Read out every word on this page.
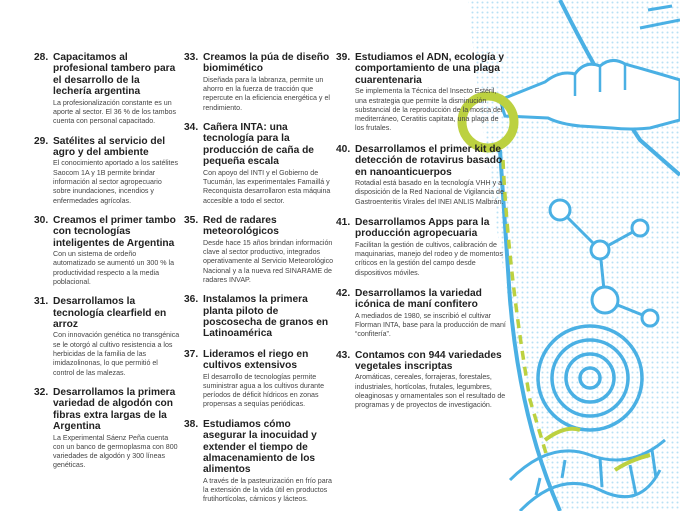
28. Capacitamos al profesional tambero para el desarrollo de la lechería argentina
La profesionalización constante es un aporte al sector. El 36 % de los tambos cuenta con personal capacitado.
29. Satélites al servicio del agro y del ambiente
El conocimiento aportado a los satélites Saocom 1A y 1B permite brindar información al sector agropecuario sobre inundaciones, incendios y enfermedades agrícolas.
30. Creamos el primer tambo con tecnologías inteligentes de Argentina
Con un sistema de ordeño automatizado se aumentó un 300 % la productividad respecto a la media poblacional.
31. Desarrollamos la tecnología clearfield en arroz
Con innovación genética no transgénica se le otorgó al cultivo resistencia a los herbicidas de la familia de las imidazolinonas, lo que permitió el control de las malezas.
32. Desarrollamos la primera variedad de algodón con fibras extra largas de la Argentina
La Experimental Sáenz Peña cuenta con un banco de germoplasma con 800 variedades de algodón y 300 líneas genéticas.
33. Creamos la púa de diseño biomimético
Diseñada para la labranza, permite un ahorro en la fuerza de tracción que repercute en la eficiencia energética y el rendimiento.
34. Cañera INTA: una tecnología para la producción de caña de pequeña escala
Con apoyo del INTI y el Gobierno de Tucumán, las experimentales Famaillá y Reconquista desarrollaron esta máquina accesible a todo el sector.
35. Red de radares meteorológicos
Desde hace 15 años brindan información clave al sector productivo, integrados operativamente al Servicio Meteorológico Nacional y a la nueva red SINARAME de radares INVAP.
36. Instalamos la primera planta piloto de poscosecha de granos en Latinoamérica
37. Lideramos el riego en cultivos extensivos
El desarrollo de tecnologías permite suministrar agua a los cultivos durante períodos de déficit hídricos en zonas propensas a sequías periódicas.
38. Estudiamos cómo asegurar la inocuidad y extender el tiempo de almacenamiento de los alimentos
A través de la pasteurización en frío para la extensión de la vida útil en productos frutihortícolas, cárnicos y lácteos.
39. Estudiamos el ADN, ecología y comportamiento de una plaga cuarentenaria
Se implementa la Técnica del Insecto Estéril, una estrategia que permite la disminución substancial de la reproducción de la mosca del mediterráneo, Ceratitis capitata, una plaga de los frutales.
40. Desarrollamos el primer kit de detección de rotavirus basado en nanoanticuerpos
Rotadial está basado en la tecnología VHH y a disposición de la Red Nacional de Vigilancia de Gastroenteritis Virales del INEI ANLIS Malbrán.
41. Desarrollamos Apps para la producción agropecuaria
Facilitan la gestión de cultivos, calibración de maquinarias, manejo del rodeo y de momentos críticos en la gestión del campo desde dispositivos móviles.
42. Desarrollamos la variedad icónica de maní confitero
A mediados de 1980, se inscribió el cultivar Florman INTA, base para la producción de maní “confitería”.
43. Contamos con 944 variedades vegetales inscriptas
Aromáticas, cereales, forrajeras, forestales, industriales, hortícolas, frutales, legumbres, oleaginosas y ornamentales son el resultado de programas y de proyectos de investigación.
